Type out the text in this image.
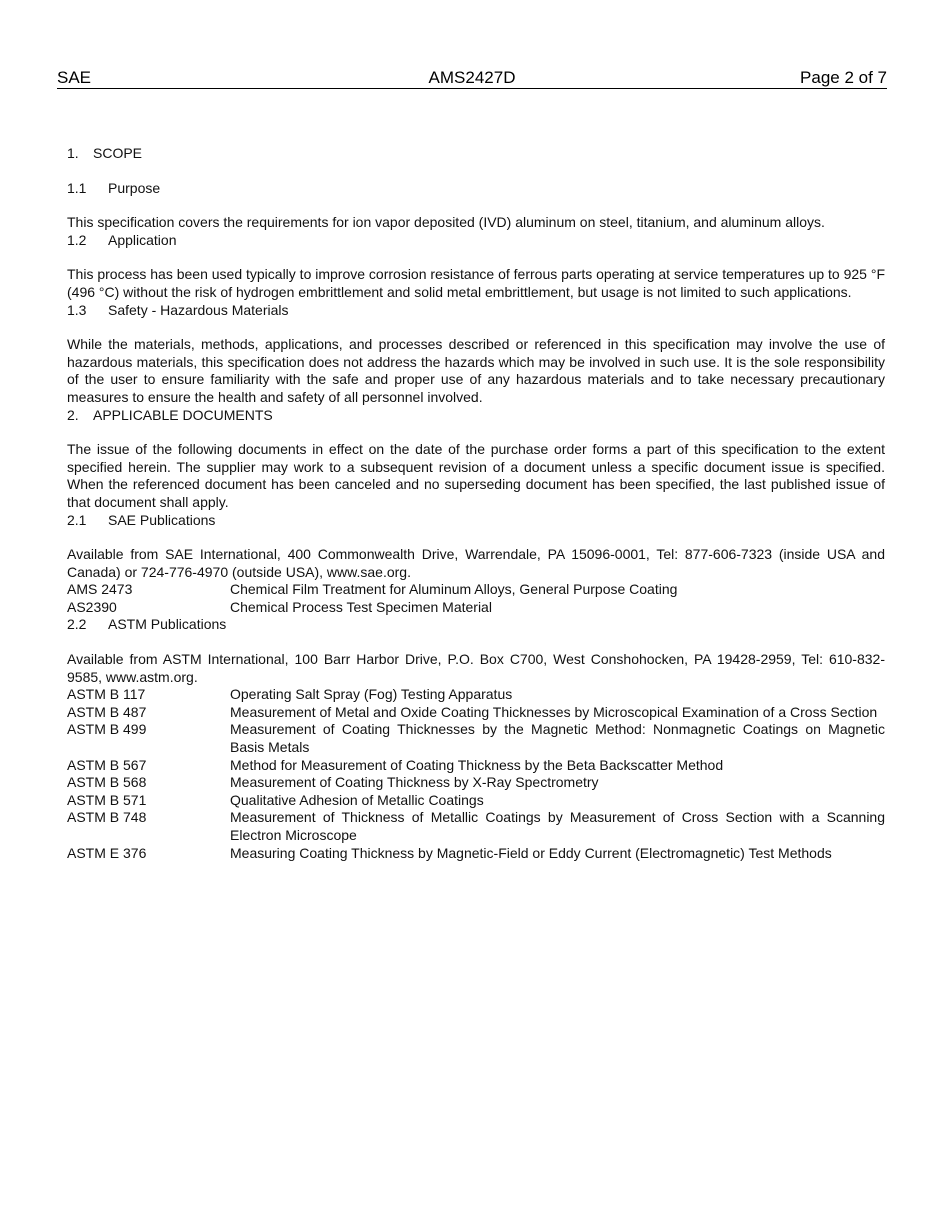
SAE	AMS2427D	Page 2 of 7
1.	SCOPE
1.1	Purpose

This specification covers the requirements for ion vapor deposited (IVD) aluminum on steel, titanium, and aluminum alloys.

1.2	Application

This process has been used typically to improve corrosion resistance of ferrous parts operating at service temperatures up to 925 °F (496 °C) without the risk of hydrogen embrittlement and solid metal embrittlement, but usage is not limited to such applications.

1.3	Safety - Hazardous Materials

While the materials, methods, applications, and processes described or referenced in this specification may involve the use of hazardous materials, this specification does not address the hazards which may be involved in such use. It is the sole responsibility of the user to ensure familiarity with the safe and proper use of any hazardous materials and to take necessary precautionary measures to ensure the health and safety of all personnel involved.

2.	APPLICABLE DOCUMENTS

The issue of the following documents in effect on the date of the purchase order forms a part of this specification to the extent specified herein. The supplier may work to a subsequent revision of a document unless a specific document issue is specified. When the referenced document has been canceled and no superseding document has been specified, the last published issue of that document shall apply.

2.1	SAE Publications

Available from SAE International, 400 Commonwealth Drive, Warrendale, PA 15096-0001, Tel: 877-606-7323 (inside USA and Canada) or 724-776-4970 (outside USA), www.sae.org.

AMS 2473	Chemical Film Treatment for Aluminum Alloys, General Purpose Coating
AS2390	Chemical Process Test Specimen Material
2.2	ASTM Publications

Available from ASTM International, 100 Barr Harbor Drive, P.O. Box C700, West Conshohocken, PA 19428-2959, Tel: 610-832-9585, www.astm.org.

ASTM B 117	Operating Salt Spray (Fog) Testing Apparatus
ASTM B 487	Measurement of Metal and Oxide Coating Thicknesses by Microscopical Examination of a Cross Section
ASTM B 499	Measurement of Coating Thicknesses by the Magnetic Method: Nonmagnetic Coatings on Magnetic Basis Metals
ASTM B 567	Method for Measurement of Coating Thickness by the Beta Backscatter Method
ASTM B 568	Measurement of Coating Thickness by X-Ray Spectrometry
ASTM B 571	Qualitative Adhesion of Metallic Coatings
ASTM B 748	Measurement of Thickness of Metallic Coatings by Measurement of Cross Section with a Scanning Electron Microscope
ASTM E 376	Measuring Coating Thickness by Magnetic-Field or Eddy Current (Electromagnetic) Test Methods
